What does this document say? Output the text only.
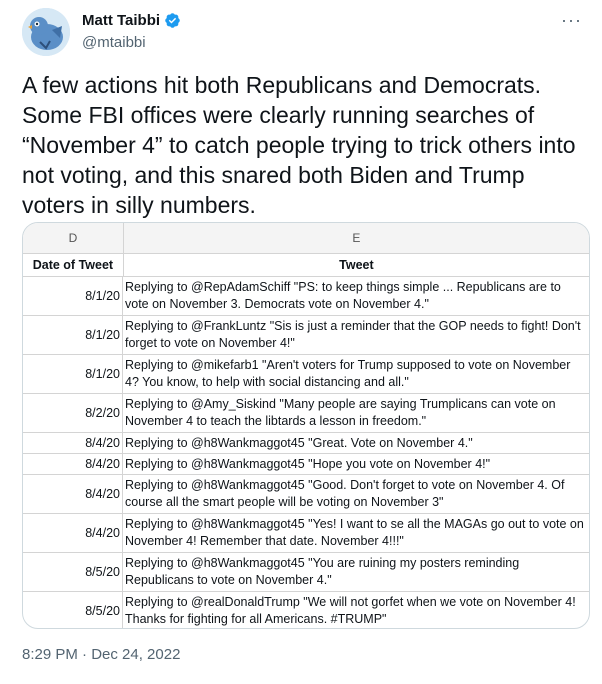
Matt Taibbi
@mtaibbi
···
A few actions hit both Republicans and Democrats. Some FBI offices were clearly running searches of “November 4” to catch people trying to trick others into not voting, and this snared both Biden and Trump voters in silly numbers.
D	E
Date of Tweet	Tweet
8/1/20
Replying to @RepAdamSchiff "PS: to keep things simple ... Republicans are to vote on November 3. Democrats vote on November 4."
8/1/20
Replying to @FrankLuntz "Sis is just a reminder that the GOP needs to fight! Don't forget to vote on November 4!"
8/1/20
Replying to @mikefarb1 "Aren't voters for Trump supposed to vote on November 4? You know, to help with social distancing and all."
8/2/20
Replying to @Amy_Siskind "Many people are saying Trumplicans can vote on November 4 to teach the libtards a lesson in freedom."
8/4/20 Replying to @h8Wankmaggot45 "Great. Vote on November 4."
8/4/20 Replying to @h8Wankmaggot45 "Hope you vote on November 4!"
8/4/20
Replying to @h8Wankmaggot45 "Good. Don't forget to vote on November 4. Of course all the smart people will be voting on November 3"
8/4/20
Replying to @h8Wankmaggot45 "Yes! I want to se all the MAGAs go out to vote on November 4! Remember that date. November 4!!!"
8/5/20
Replying to @h8Wankmaggot45 "You are ruining my posters reminding Republicans to vote on November 4."
8/5/20
Replying to @realDonaldTrump "We will not gorfet when we vote on November 4! Thanks for fighting for all Americans. #TRUMP"
8:29 PM · Dec 24, 2022
